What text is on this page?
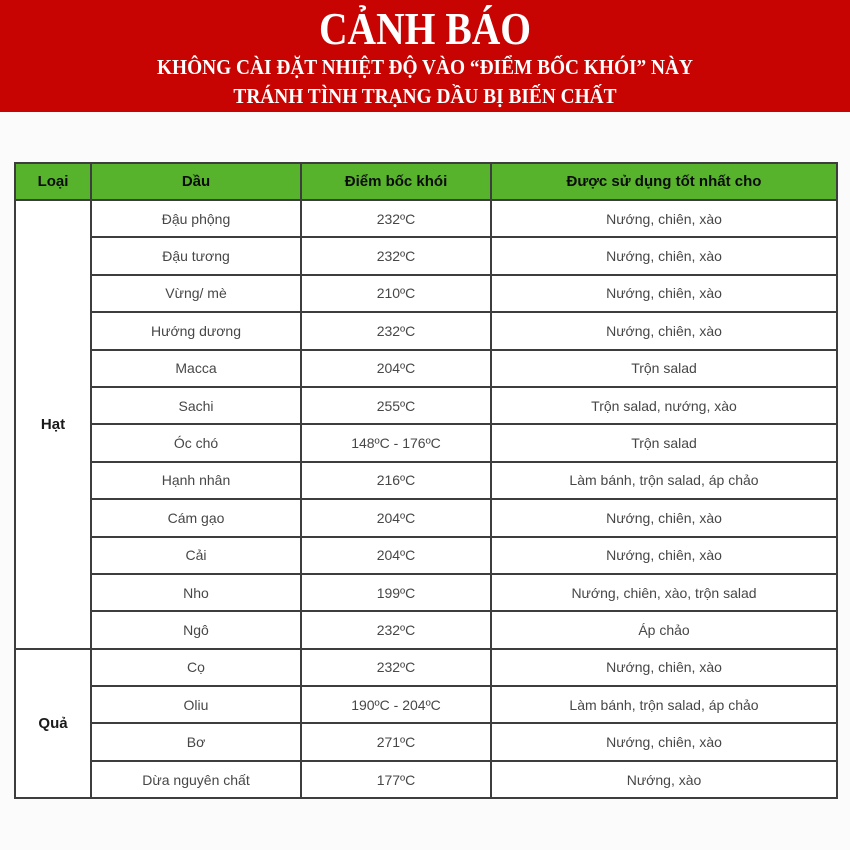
CẢNH BÁO
KHÔNG CÀI ĐẶT NHIỆT ĐỘ VÀO “ĐIỂM BỐC KHÓI” NÀY
TRÁNH TÌNH TRẠNG DẦU BỊ BIẾN CHẤT
Loại	Dầu	Điểm bốc khói	Được sử dụng tốt nhất cho
Hạt	Đậu phộng	232ºC	Nướng, chiên, xào
	Đậu tương	232ºC	Nướng, chiên, xào
	Vừng/ mè	210ºC	Nướng, chiên, xào
	Hướng dương	232ºC	Nướng, chiên, xào
	Macca	204ºC	Trộn salad
	Sachi	255ºC	Trộn salad, nướng, xào
	Óc chó	148ºC - 176ºC	Trộn salad
	Hạnh nhân	216ºC	Làm bánh, trộn salad, áp chảo
	Cám gạo	204ºC	Nướng, chiên, xào
	Cải	204ºC	Nướng, chiên, xào
	Nho	199ºC	Nướng, chiên, xào, trộn salad
	Ngô	232ºC	Áp chảo
Quả	Cọ	232ºC	Nướng, chiên, xào
	Oliu	190ºC - 204ºC	Làm bánh, trộn salad, áp chảo
	Bơ	271ºC	Nướng, chiên, xào
	Dừa nguyên chất	177ºC	Nướng, xào
